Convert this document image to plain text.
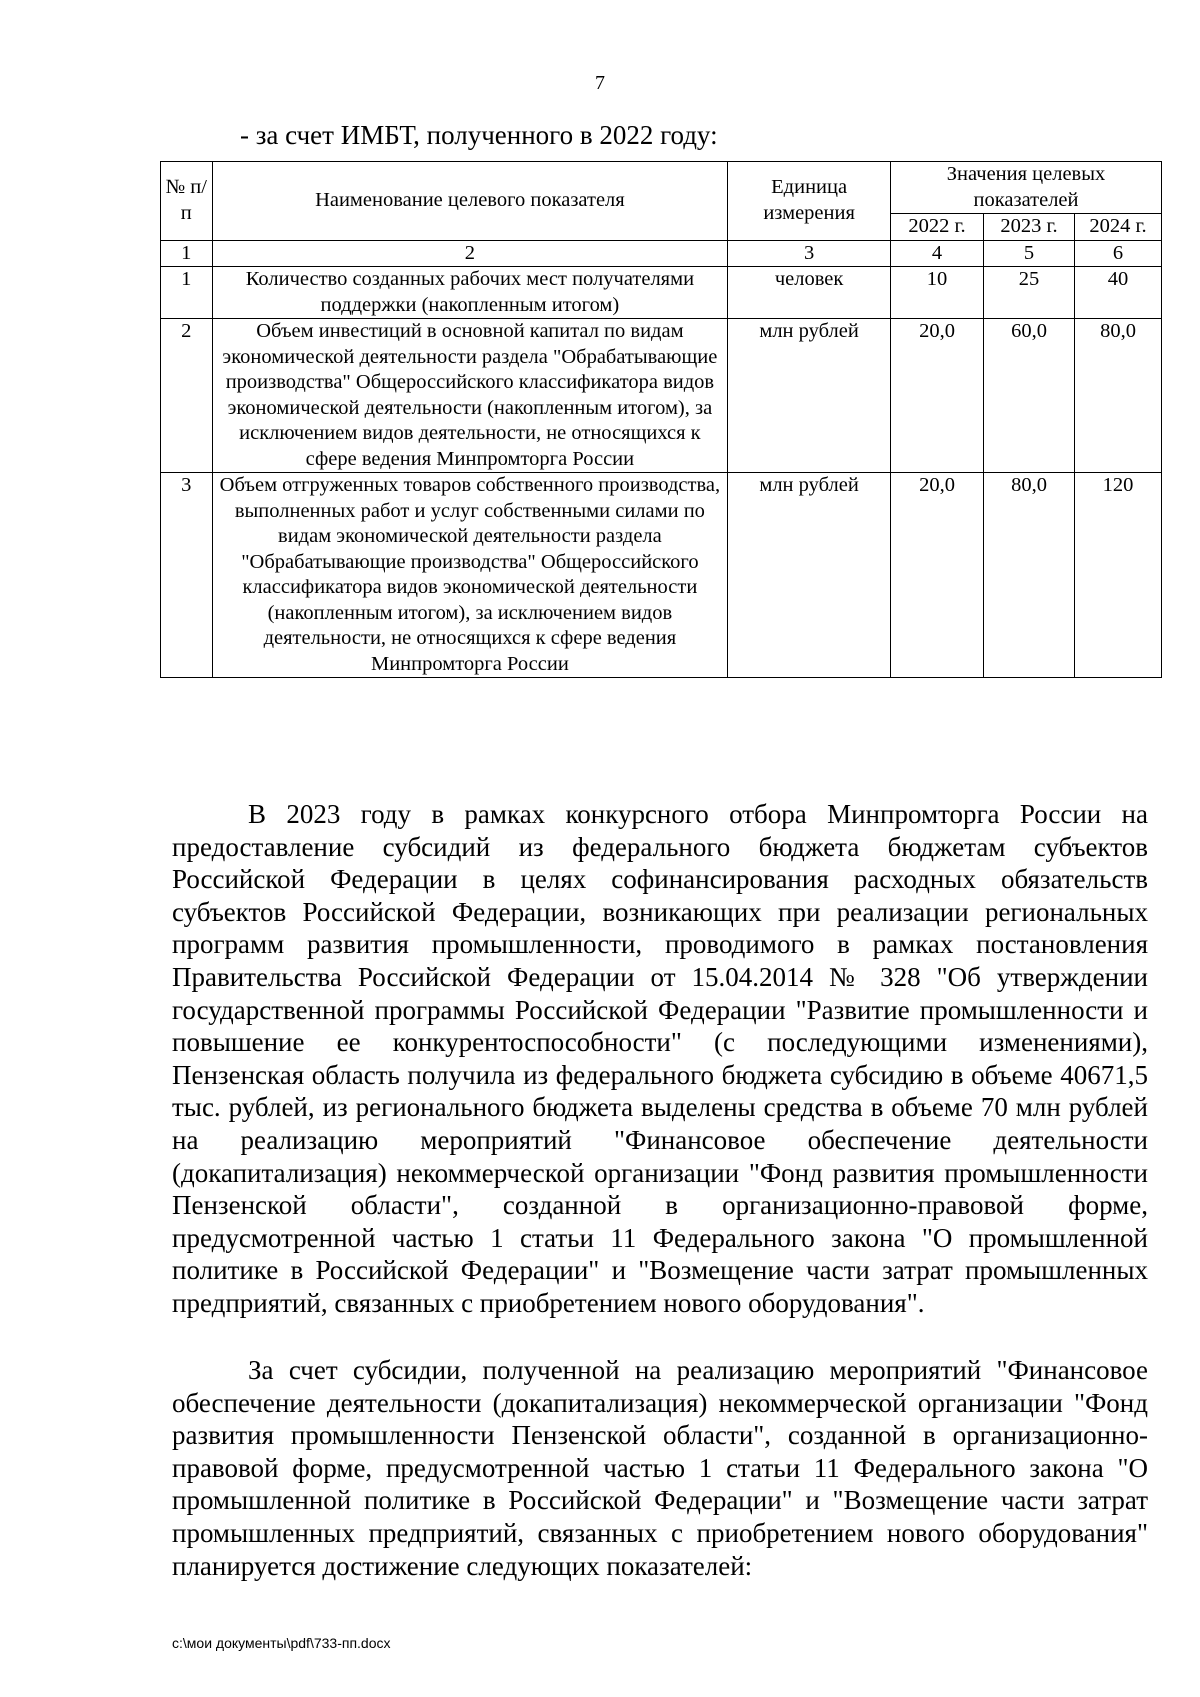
7
- за счет ИМБТ, полученного в 2022 году:
№ п/п	Наименование целевого показателя	Единица измерения	Значения целевых показателей		
			2022 г.	2023 г.	2024 г.
1	2	3	4	5	6
1	Количество созданных рабочих мест получателями поддержки (накопленным итогом)	человек	10	25	40
2	Объем инвестиций в основной капитал по видам экономической деятельности раздела "Обрабатывающие производства" Общероссийского классификатора видов экономической деятельности (накопленным итогом), за исключением видов деятельности, не относящихся к сфере ведения Минпромторга России	млн рублей	20,0	60,0	80,0
3	Объем отгруженных товаров собственного производства, выполненных работ и услуг собственными силами по видам экономической деятельности раздела "Обрабатывающие производства" Общероссийского классификатора видов экономической деятельности (накопленным итогом), за исключением видов деятельности, не относящихся к сфере ведения Минпромторга России	млн рублей	20,0	80,0	120

В 2023 году в рамках конкурсного отбора Минпромторга России на предоставление субсидий из федерального бюджета бюджетам субъектов Российской Федерации в целях софинансирования расходных обязательств субъектов Российской Федерации, возникающих при реализации региональных программ развития промышленности, проводимого в рамках постановления Правительства Российской Федерации от 15.04.2014 № 328 "Об утверждении государственной программы Российской Федерации "Развитие промышленности и повышение ее конкурентоспособности" (с последующими изменениями), Пензенская область получила из федерального бюджета субсидию в объеме 40671,5 тыс. рублей, из регионального бюджета выделены средства в объеме 70 млн рублей на реализацию мероприятий "Финансовое обеспечение деятельности (докапитализация) некоммерческой организации "Фонд развития промышленности Пензенской области", созданной в организационно-правовой форме, предусмотренной частью 1 статьи 11 Федерального закона "О промышленной политике в Российской Федерации" и "Возмещение части затрат промышленных предприятий, связанных с приобретением нового оборудования".

За счет субсидии, полученной на реализацию мероприятий "Финансовое обеспечение деятельности (докапитализация) некоммерческой организации "Фонд развития промышленности Пензенской области", созданной в организационно-правовой форме, предусмотренной частью 1 статьи 11 Федерального закона "О промышленной политике в Российской Федерации" и "Возмещение части затрат промышленных предприятий, связанных с приобретением нового оборудования" планируется достижение следующих показателей:

c:\мои документы\pdf\733-пп.docx
